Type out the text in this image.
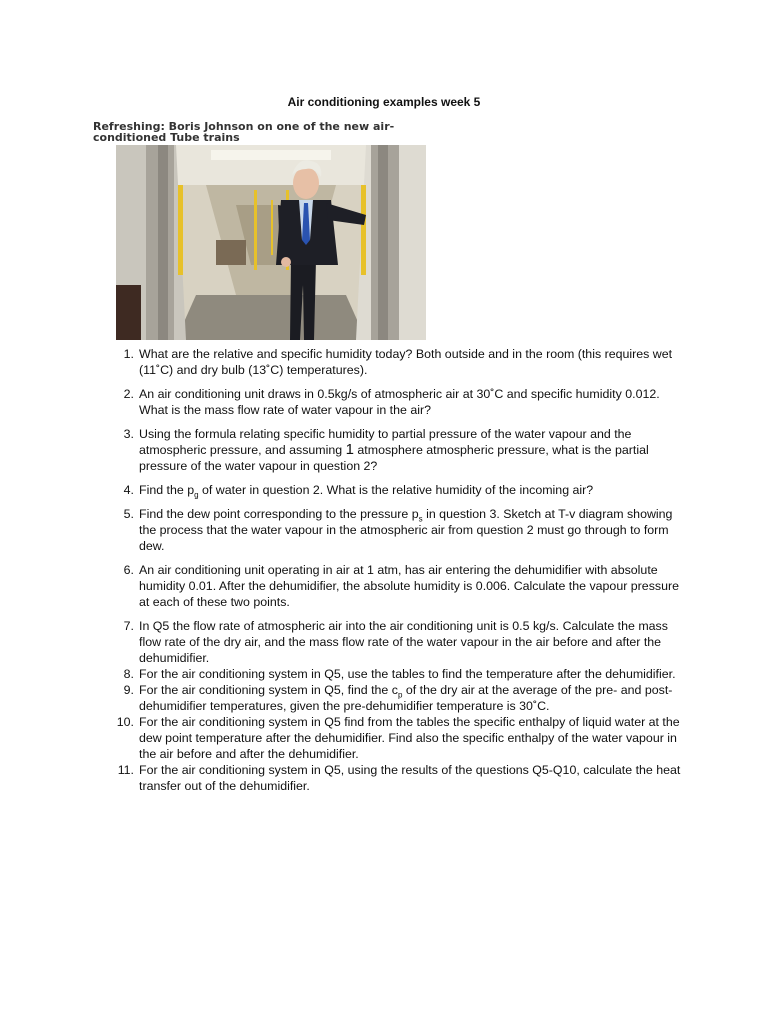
Air conditioning examples week 5
Refreshing: Boris Johnson on one of the new air-conditioned Tube trains
1. What are the relative and specific humidity today? Both outside and in the room (this requires wet (11˚C) and dry bulb (13˚C) temperatures).
2. An air conditioning unit draws in 0.5kg/s of atmospheric air at 30˚C and specific humidity 0.012. What is the mass flow rate of water vapour in the air?
3. Using the formula relating specific humidity to partial pressure of the water vapour and the atmospheric pressure, and assuming 1 atmosphere atmospheric pressure, what is the partial pressure of the water vapour in question 2?
4. Find the $p_g$ of water in question 2. What is the relative humidity of the incoming air?
5. Find the dew point corresponding to the pressure $p_s$ in question 3. Sketch at T-v diagram showing the process that the water vapour in the atmospheric air from question 2 must go through to form dew.
6. An air conditioning unit operating in air at 1 atm, has air entering the dehumidifier with absolute humidity 0.01. After the dehumidifier, the absolute humidity is 0.006. Calculate the vapour pressure at each of these two points.
7. In Q5 the flow rate of atmospheric air into the air conditioning unit is 0.5 kg/s. Calculate the mass flow rate of the dry air, and the mass flow rate of the water vapour in the air before and after the dehumidifier.
8. For the air conditioning system in Q5, use the tables to find the temperature after the dehumidifier.
9. For the air conditioning system in Q5, find the $c_p$ of the dry air at the average of the pre- and post-dehumidifier temperatures, given the pre-dehumidifier temperature is 30˚C.
10. For the air conditioning system in Q5 find from the tables the specific enthalpy of liquid water at the dew point temperature after the dehumidifier. Find also the specific enthalpy of the water vapour in the air before and after the dehumidifier.
11. For the air conditioning system in Q5, using the results of the questions Q5-Q10, calculate the heat transfer out of the dehumidifier.
